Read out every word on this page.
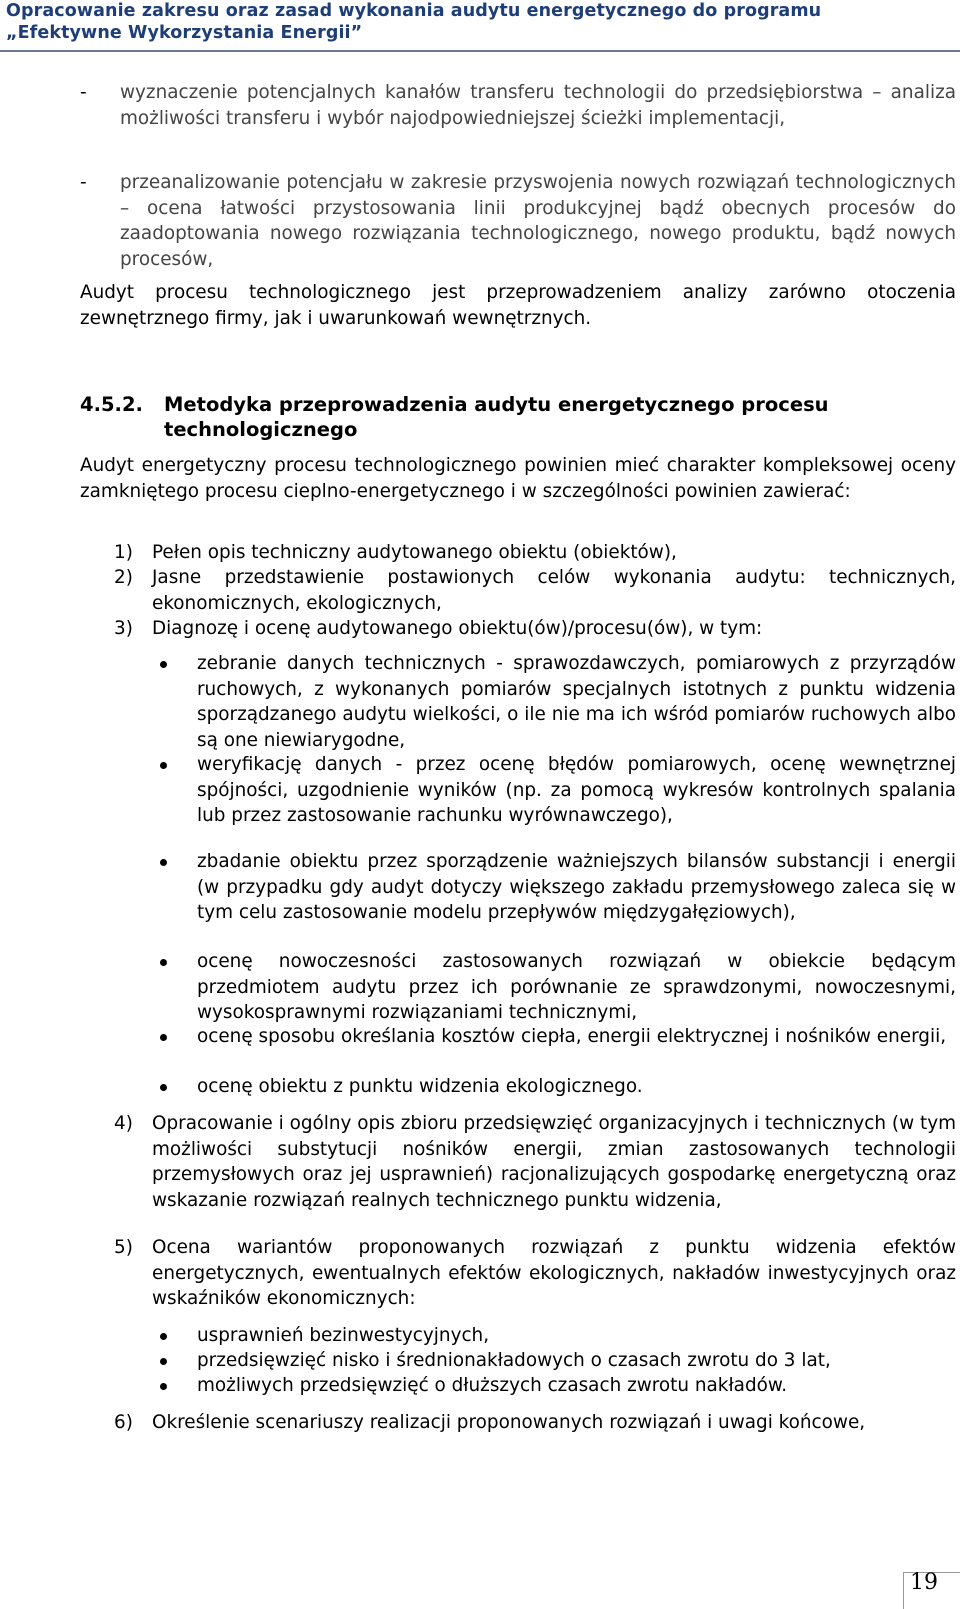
Opracowanie zakresu oraz zasad wykonania audytu energetycznego do programu
„Efektywne Wykorzystania Energii”
-	wyznaczenie potencjalnych kanałów transferu technologii do przedsiębiorstwa – analiza możliwości transferu i wybór najodpowiedniejszej ścieżki implementacji,
-	przeanalizowanie potencjału w zakresie przyswojenia nowych rozwiązań technologicznych – ocena łatwości przystosowania linii produkcyjnej bądź obecnych procesów do zaadoptowania nowego rozwiązania technologicznego, nowego produktu, bądź nowych procesów,

Audyt procesu technologicznego jest przeprowadzeniem analizy zarówno otoczenia zewnętrznego firmy, jak i uwarunkowań wewnętrznych.

4.5.2.	Metodyka przeprowadzenia audytu energetycznego procesu technologicznego

Audyt energetyczny procesu technologicznego powinien mieć charakter kompleksowej oceny zamkniętego procesu cieplno-energetycznego i w szczególności powinien zawierać:

1)	Pełen opis techniczny audytowanego obiektu (obiektów),
2)	Jasne przedstawienie postawionych celów wykonania audytu: technicznych, ekonomicznych, ekologicznych,
3)	Diagnozę i ocenę audytowanego obiektu(ów)/procesu(ów), w tym:
zebranie danych technicznych - sprawozdawczych, pomiarowych z przyrządów ruchowych, z wykonanych pomiarów specjalnych istotnych z punktu widzenia sporządzanego audytu wielkości, o ile nie ma ich wśród pomiarów ruchowych albo są one niewiarygodne,
weryfikację danych - przez ocenę błędów pomiarowych, ocenę wewnętrznej spójności, uzgodnienie wyników (np. za pomocą wykresów kontrolnych spalania lub przez zastosowanie rachunku wyrównawczego),
zbadanie obiektu przez sporządzenie ważniejszych bilansów substancji i energii (w przypadku gdy audyt dotyczy większego zakładu przemysłowego zaleca się w tym celu zastosowanie modelu przepływów międzygałęziowych),
ocenę nowoczesności zastosowanych rozwiązań w obiekcie będącym przedmiotem audytu przez ich porównanie ze sprawdzonymi, nowoczesnymi, wysokosprawnymi rozwiązaniami technicznymi,
ocenę sposobu określania kosztów ciepła, energii elektrycznej i nośników energii,
ocenę obiektu z punktu widzenia ekologicznego.
4)	Opracowanie i ogólny opis zbioru przedsięwzięć organizacyjnych i technicznych (w tym możliwości substytucji nośników energii, zmian zastosowanych technologii przemysłowych oraz jej usprawnień) racjonalizujących gospodarkę energetyczną oraz wskazanie rozwiązań realnych technicznego punktu widzenia,
5)	Ocena wariantów proponowanych rozwiązań z punktu widzenia efektów energetycznych, ewentualnych efektów ekologicznych, nakładów inwestycyjnych oraz wskaźników ekonomicznych:
usprawnień bezinwestycyjnych,
przedsięwzięć nisko i średnionakładowych o czasach zwrotu do 3 lat,
możliwych przedsięwzięć o dłuższych czasach zwrotu nakładów.
6)	Określenie scenariuszy realizacji proponowanych rozwiązań i uwagi końcowe,
19
